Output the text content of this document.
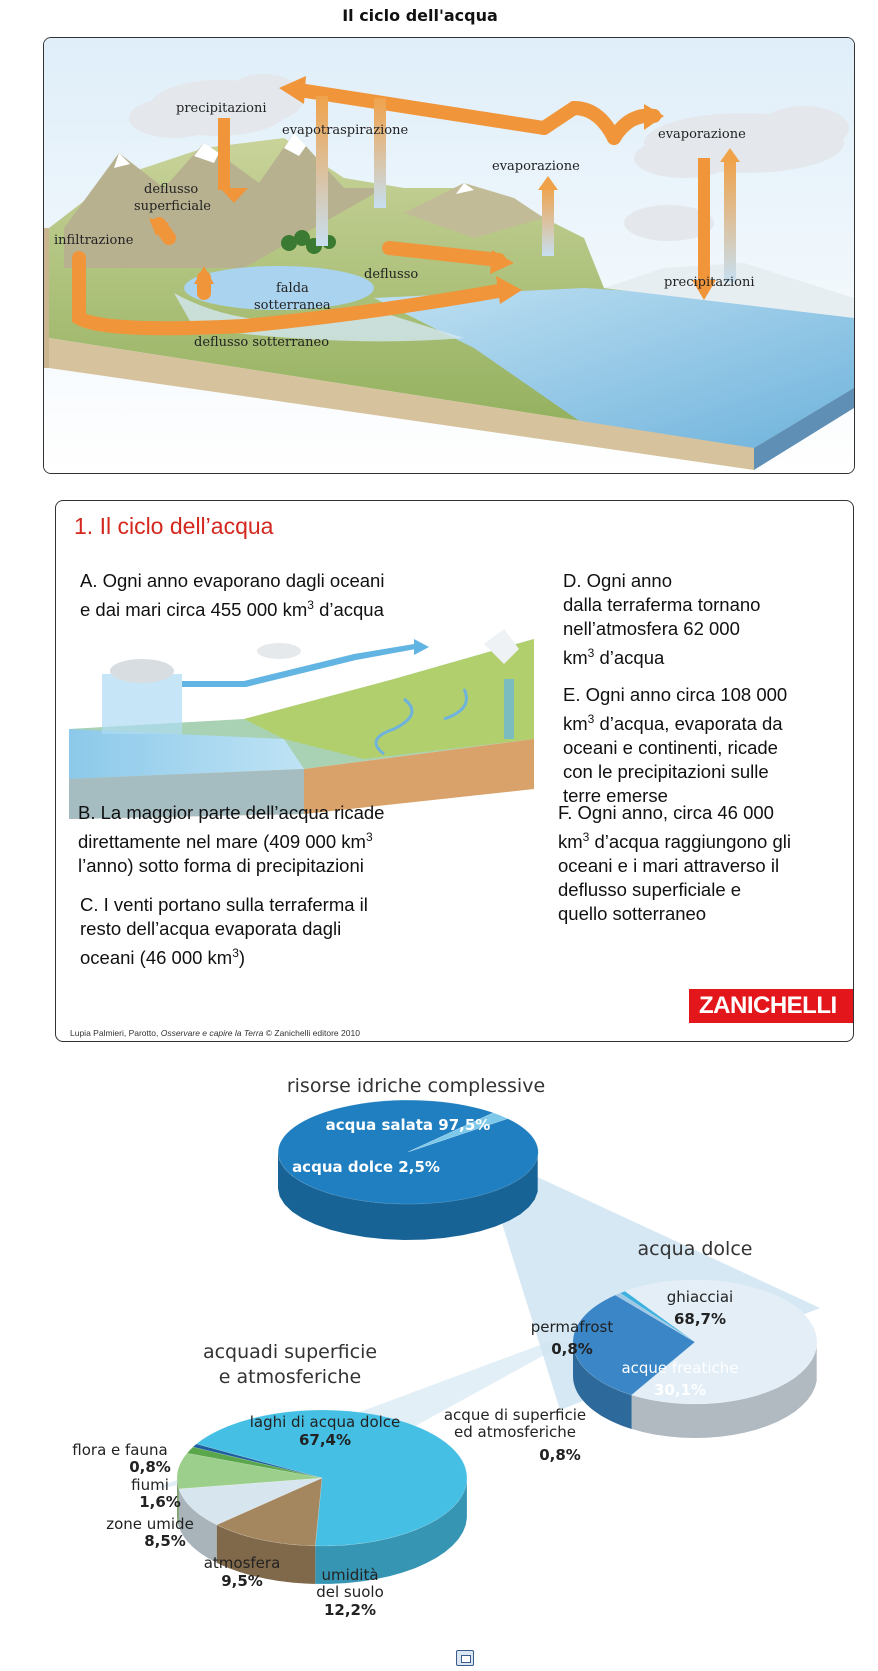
Il ciclo dell'acqua
precipitazioni
evapotraspirazione
evaporazione
evaporazione
deflusso
superficiale
infiltrazione
deflusso
falda
sotterranea
precipitazioni
deflusso sotterraneo
1. Il ciclo dell’acqua
A. Ogni anno evaporano dagli oceani
e dai mari circa 455 000 $km^3$ d’acqua
D. Ogni anno
dalla terraferma tornano
nell’atmosfera 62 000
$km^3$ d’acqua
E. Ogni anno circa 108 000
$km^3$ d’acqua, evaporata da
oceani e continenti, ricade
con le precipitazioni sulle
terre emerse
B. La maggior parte dell’acqua ricade
direttamente nel mare (409 000 $km^3$
l’anno) sotto forma di precipitazioni
C. I venti portano sulla terraferma il
resto dell’acqua evaporata dagli
oceani (46 000 $km^3$)
F. Ogni anno, circa 46 000
$km^3$ d’acqua raggiungono gli
oceani e i mari attraverso il
deflusso superficiale e
quello sotterraneo
ZANICHELLI
Lupia Palmieri, Parotto, Osservare e capire la Terra © Zanichelli editore 2010
risorse idriche complessive
acqua salata 97,5%
acqua dolce 2,5%
acqua dolce
ghiacciai
68,7%
acque freatiche
30,1%
permafrost
0,8%
acque di superficie
ed atmosferiche
0,8%
acquadi superficie
e atmosferiche
laghi di acqua dolce
67,4%
umidità
del suolo
12,2%
atmosfera
9,5%
zone umide
8,5%
fiumi
1,6%
flora e fauna
0,8%
